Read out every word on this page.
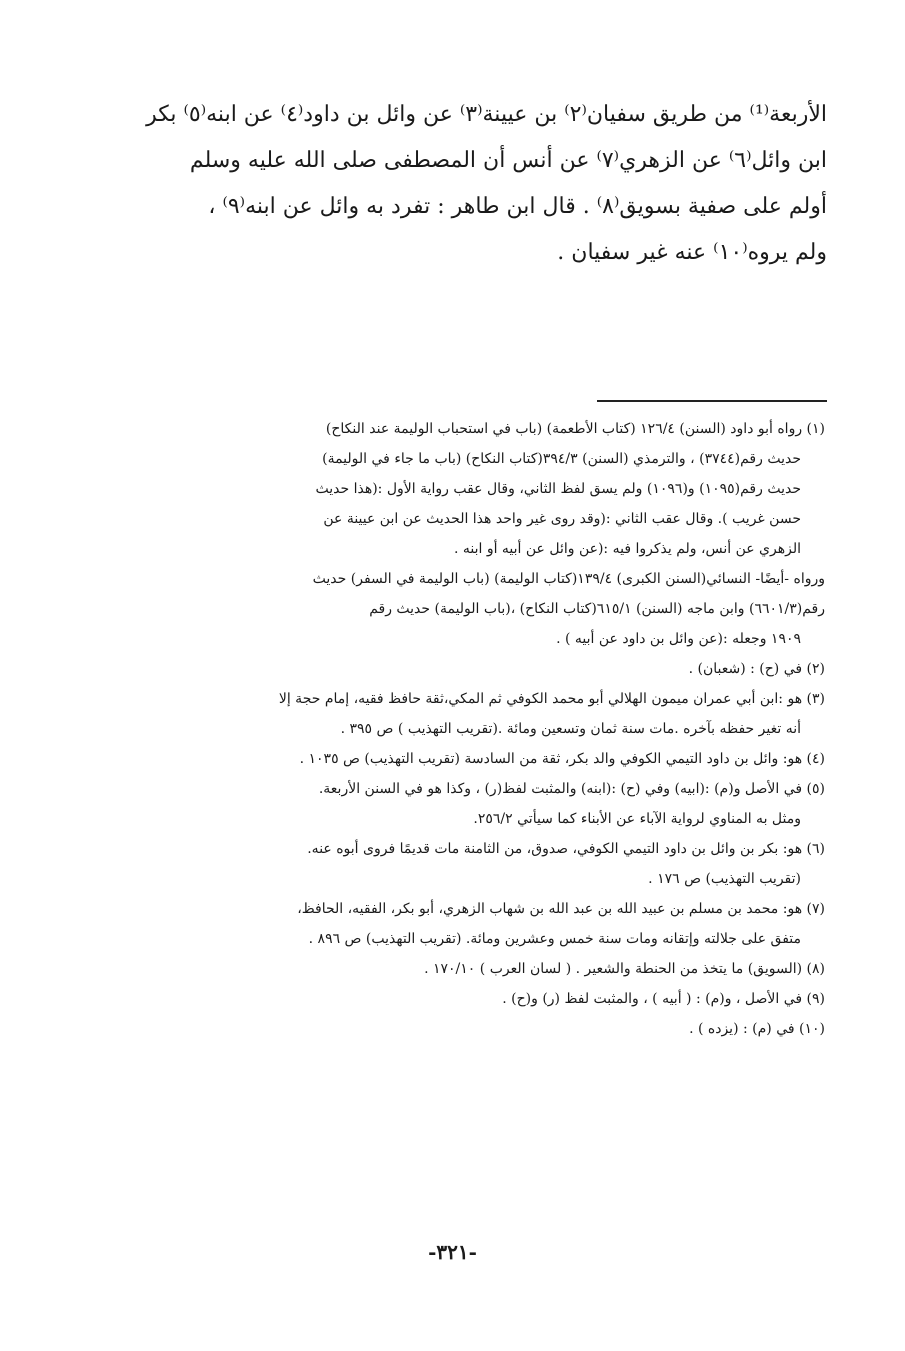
الأربعة⁽¹⁾ من طريق سفيان⁽٢⁾ بن عيينة⁽٣⁾ عن وائل بن داود⁽٤⁾ عن ابنه⁽٥⁾ بكر

ابن وائل⁽٦⁾ عن الزهري⁽٧⁾ عن أنس أن المصطفى صلى الله عليه وسلم

أولم على صفية بسويق⁽٨⁾ . قال ابن طاهر : تفرد به وائل عن ابنه⁽٩⁾ ،

ولم يروه⁽١٠⁾ عنه غير سفيان .

(١) رواه أبو داود (السنن) ١٢٦/٤ (كتاب الأطعمة) (باب في استحباب الوليمة عند النكاح)
حديث رقم(٣٧٤٤) ، والترمذي (السنن) ٣٩٤/٣(كتاب النكاح) (باب ما جاء في الوليمة)
حديث رقم(١٠٩٥) و(١٠٩٦) ولم يسق لفظ الثاني، وقال عقب رواية الأول :(هذا حديث
حسن غريب ). وقال عقب الثاني :(وقد روى غير واحد هذا الحديث عن ابن عيينة عن
الزهري عن أنس، ولم يذكروا فيه :(عن وائل عن أبيه أو ابنه .
ورواه -أيضًا- النسائي(السنن الكبرى) ١٣٩/٤(كتاب الوليمة) (باب الوليمة في السفر) حديث
رقم(٦٦٠١/٣) وابن ماجه (السنن) ٦١٥/١(كتاب النكاح) ،(باب الوليمة) حديث رقم
١٩٠٩ وجعله :(عن وائل بن داود عن أبيه ) .

(٢) في (ح) : (شعبان) .

(٣) هو :ابن أبي عمران ميمون الهلالي أبو محمد الكوفي ثم المكي،ثقة حافظ فقيه، إمام حجة إلا
أنه تغير حفظه بآخره .مات سنة ثمان وتسعين ومائة .(تقريب التهذيب ) ص ٣٩٥ .

(٤) هو: وائل بن داود التيمي الكوفي والد بكر، ثقة من السادسة (تقريب التهذيب) ص ١٠٣٥ .

(٥) في الأصل و(م) :(ابيه) وفي (ح) :(ابنه) والمثبت لفظ(ر) ، وكذا هو في السنن الأربعة.
ومثل به المناوي لرواية الآباء عن الأبناء كما سيأتي ٢٥٦/٢.

(٦) هو: بكر بن وائل بن داود التيمي الكوفي، صدوق، من الثامنة مات قديمًا فروى أبوه عنه.
(تقريب التهذيب) ص ١٧٦ .

(٧) هو: محمد بن مسلم بن عبيد الله بن عبد الله بن شهاب الزهري، أبو بكر، الفقيه، الحافظ،
متفق على جلالته وإتقانه ومات سنة خمس وعشرين ومائة. (تقريب التهذيب) ص ٨٩٦ .

(٨) (السويق) ما يتخذ من الحنطة والشعير . ( لسان العرب ) ١٧٠/١٠ .

(٩) في الأصل ، و(م) : ( أبيه ) ، والمثبت لفظ (ر) و(ح) .

(١٠) في (م) : (يزده ) .

-٣٢١-
